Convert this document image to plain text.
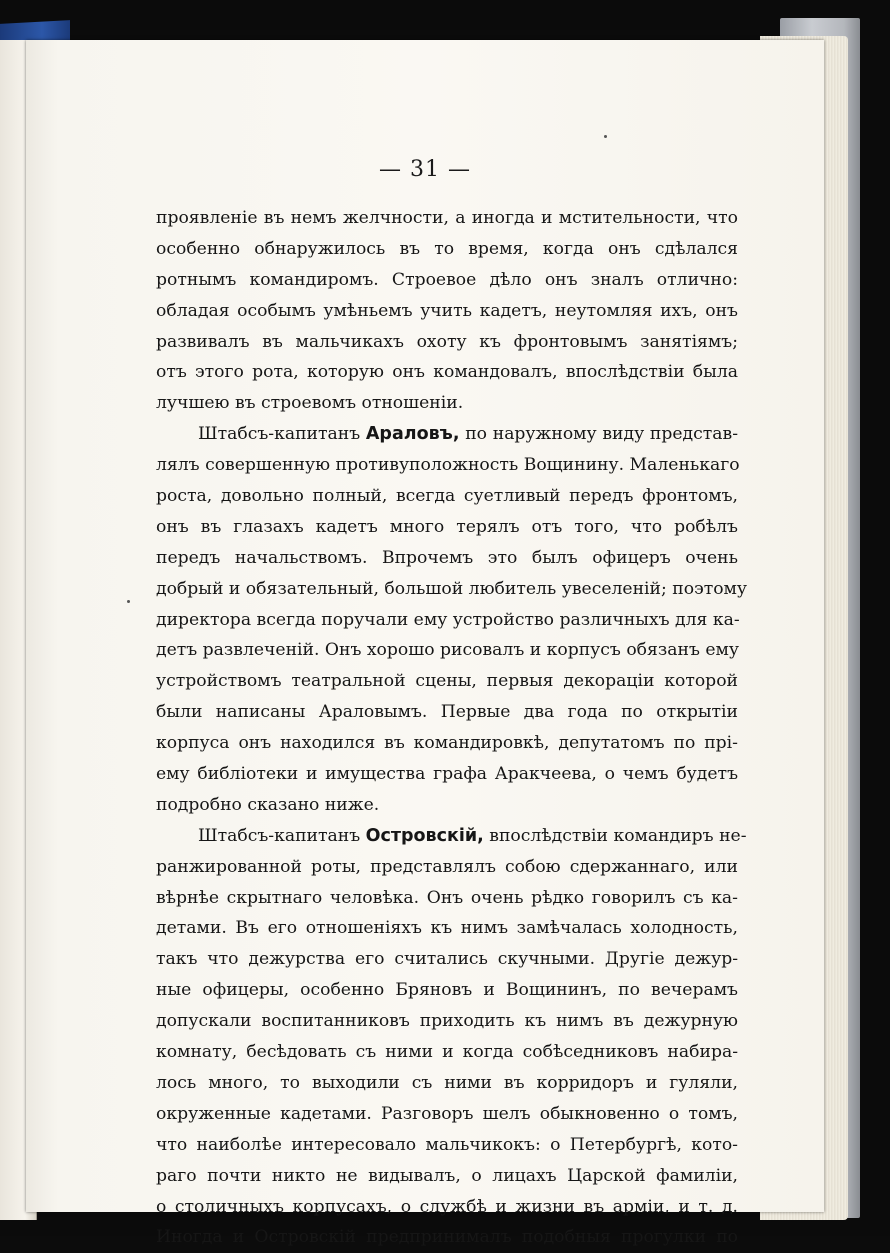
— 31 —
проявленіе въ немъ желчности, а иногда и мстительности, что
особенно обнаружилось въ то время, когда онъ сдѣлался
ротнымъ командиромъ. Строевое дѣло онъ зналъ отлично:
обладая особымъ умѣньемъ учить кадетъ, неутомляя ихъ, онъ
развивалъ въ мальчикахъ охоту къ фронтовымъ занятіямъ;
отъ этого рота, которую онъ командовалъ, впослѣдствіи была
лучшею въ строевомъ отношеніи.
Штабсъ-капитанъ Араловъ, по наружному виду представ-
лялъ совершенную противуположность Вощинину. Маленькаго
роста, довольно полный, всегда суетливый передъ фронтомъ,
онъ въ глазахъ кадетъ много терялъ отъ того, что робѣлъ
передъ начальствомъ. Впрочемъ это былъ офицеръ очень
добрый и обязательный, большой любитель увеселеній; поэтому
директора всегда поручали ему устройство различныхъ для ка-
детъ развлеченій. Онъ хорошо рисовалъ и корпусъ обязанъ ему
устройствомъ театральной сцены, первыя декораціи которой
были написаны Араловымъ. Первые два года по открытіи
корпуса онъ находился въ командировкѣ, депутатомъ по прі-
ему библіотеки и имущества графа Аракчеева, о чемъ будетъ
подробно сказано ниже.
Штабсъ-капитанъ Островскій, впослѣдствіи командиръ не-
ранжированной роты, представлялъ собою сдержаннаго, или
вѣрнѣе скрытнаго человѣка. Онъ очень рѣдко говорилъ съ ка-
детами. Въ его отношеніяхъ къ нимъ замѣчалась холодность,
такъ что дежурства его считались скучными. Другіе дежур-
ные офицеры, особенно Бряновъ и Вощининъ, по вечерамъ
допускали воспитанниковъ приходить къ нимъ въ дежурную
комнату, бесѣдовать съ ними и когда собѣседниковъ набира-
лось много, то выходили съ ними въ корридоръ и гуляли,
окруженные кадетами. Разговоръ шелъ обыкновенно о томъ,
что наиболѣе интересовало мальчикокъ: о Петербургѣ, кото-
раго почти никто не видывалъ, о лицахъ Царской фамиліи,
о столичныхъ корпусахъ, о службѣ и жизни въ арміи, и т. д.
Иногда и Островскій предпринималъ подобныя прогулки по
